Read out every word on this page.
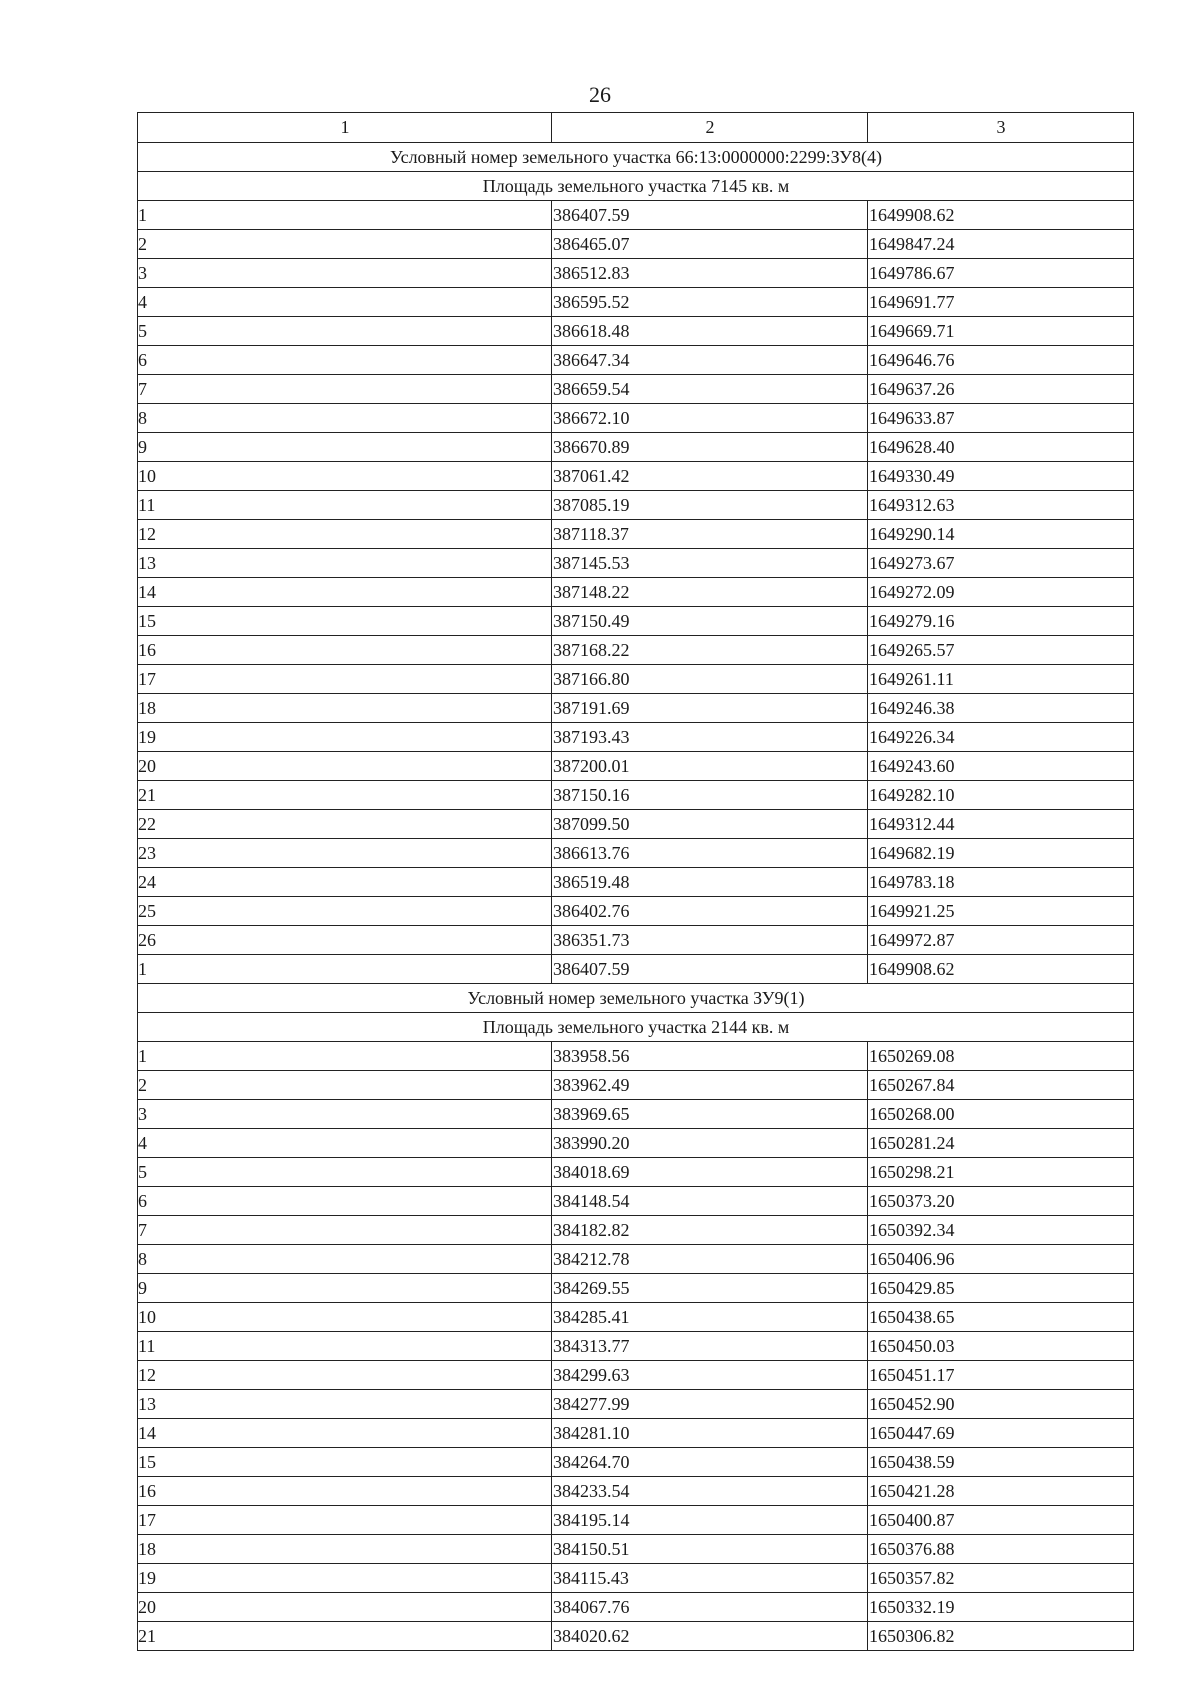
26
1	2	3
Условный номер земельного участка 66:13:0000000:2299:ЗУ8(4)		
Площадь земельного участка 7145 кв. м		
1	386407.59	1649908.62
2	386465.07	1649847.24
3	386512.83	1649786.67
4	386595.52	1649691.77
5	386618.48	1649669.71
6	386647.34	1649646.76
7	386659.54	1649637.26
8	386672.10	1649633.87
9	386670.89	1649628.40
10	387061.42	1649330.49
11	387085.19	1649312.63
12	387118.37	1649290.14
13	387145.53	1649273.67
14	387148.22	1649272.09
15	387150.49	1649279.16
16	387168.22	1649265.57
17	387166.80	1649261.11
18	387191.69	1649246.38
19	387193.43	1649226.34
20	387200.01	1649243.60
21	387150.16	1649282.10
22	387099.50	1649312.44
23	386613.76	1649682.19
24	386519.48	1649783.18
25	386402.76	1649921.25
26	386351.73	1649972.87
1	386407.59	1649908.62
Условный номер земельного участка ЗУ9(1)		
Площадь земельного участка 2144 кв. м		
1	383958.56	1650269.08
2	383962.49	1650267.84
3	383969.65	1650268.00
4	383990.20	1650281.24
5	384018.69	1650298.21
6	384148.54	1650373.20
7	384182.82	1650392.34
8	384212.78	1650406.96
9	384269.55	1650429.85
10	384285.41	1650438.65
11	384313.77	1650450.03
12	384299.63	1650451.17
13	384277.99	1650452.90
14	384281.10	1650447.69
15	384264.70	1650438.59
16	384233.54	1650421.28
17	384195.14	1650400.87
18	384150.51	1650376.88
19	384115.43	1650357.82
20	384067.76	1650332.19
21	384020.62	1650306.82
